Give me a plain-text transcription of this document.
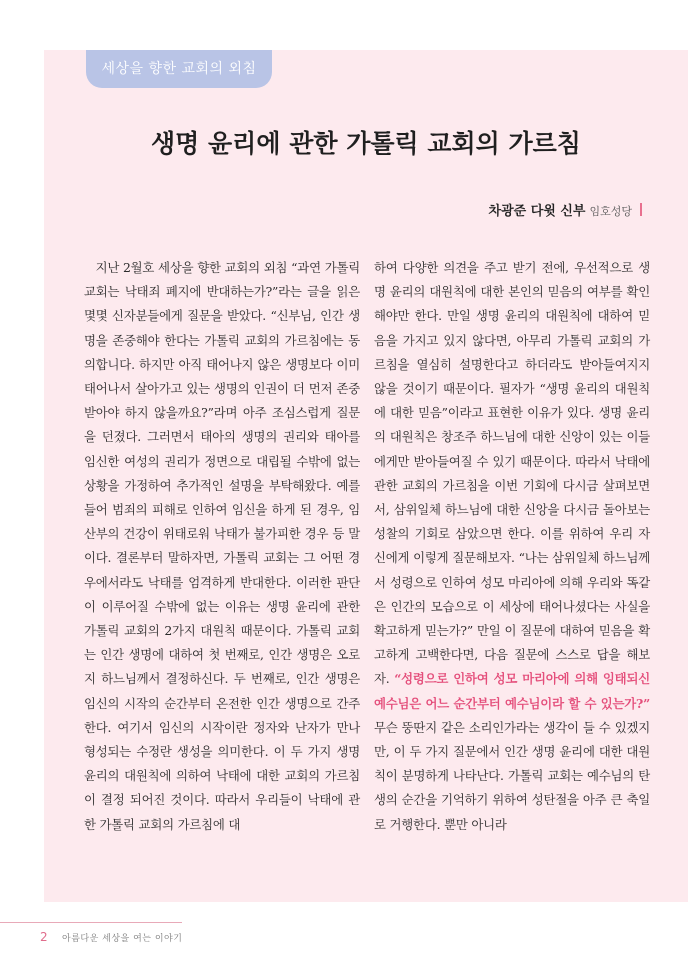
세상을 향한 교회의 외침
생명 윤리에 관한 가톨릭 교회의 가르침
차광준 다윗 신부 임호성당

지난 2월호 세상을 향한 교회의 외침 “과연 가톨릭 교회는 낙태죄 폐지에 반대하는가?”라는 글을 읽은 몇몇 신자분들에게 질문을 받았다. “신부님, 인간 생명을 존중해야 한다는 가톨릭 교회의 가르침에는 동의합니다. 하지만 아직 태어나지 않은 생명보다 이미 태어나서 살아가고 있는 생명의 인권이 더 먼저 존중 받아야 하지 않을까요?”라며 아주 조심스럽게 질문을 던졌다. 그러면서 태아의 생명의 권리와 태아를 임신한 여성의 권리가 정면으로 대립될 수밖에 없는 상황을 가정하여 추가적인 설명을 부탁해왔다. 예를 들어 범죄의 피해로 인하여 임신을 하게 된 경우, 임산부의 건강이 위태로워 낙태가 불가피한 경우 등 말이다. 결론부터 말하자면, 가톨릭 교회는 그 어떤 경우에서라도 낙태를 엄격하게 반대한다. 이러한 판단이 이루어질 수밖에 없는 이유는 생명 윤리에 관한 가톨릭 교회의 2가지 대원칙 때문이다. 가톨릭 교회는 인간 생명에 대하여 첫 번째로, 인간 생명은 오로지 하느님께서 결정하신다. 두 번째로, 인간 생명은 임신의 시작의 순간부터 온전한 인간 생명으로 간주한다. 여기서 임신의 시작이란 정자와 난자가 만나 형성되는 수정란 생성을 의미한다. 이 두 가지 생명 윤리의 대원칙에 의하여 낙태에 대한 교회의 가르침이 결정 되어진 것이다. 따라서 우리들이 낙태에 관한 가톨릭 교회의 가르침에 대

하여 다양한 의견을 주고 받기 전에, 우선적으로 생명 윤리의 대원칙에 대한 본인의 믿음의 여부를 확인해야만 한다. 만일 생명 윤리의 대원칙에 대하여 믿음을 가지고 있지 않다면, 아무리 가톨릭 교회의 가르침을 열심히 설명한다고 하더라도 받아들여지지 않을 것이기 때문이다. 필자가 “생명 윤리의 대원칙에 대한 믿음”이라고 표현한 이유가 있다. 생명 윤리의 대원칙은 창조주 하느님에 대한 신앙이 있는 이들에게만 받아들여질 수 있기 때문이다. 따라서 낙태에 관한 교회의 가르침을 이번 기회에 다시금 살펴보면서, 삼위일체 하느님에 대한 신앙을 다시금 돌아보는 성찰의 기회로 삼았으면 한다. 이를 위하여 우리 자신에게 이렇게 질문해보자. “나는 삼위일체 하느님께서 성령으로 인하여 성모 마리아에 의해 우리와 똑같은 인간의 모습으로 이 세상에 태어나셨다는 사실을 확고하게 믿는가?” 만일 이 질문에 대하여 믿음을 확고하게 고백한다면, 다음 질문에 스스로 답을 해보자. “성령으로 인하여 성모 마리아에 의해 잉태되신 예수님은 어느 순간부터 예수님이라 할 수 있는가?” 무슨 뚱딴지 같은 소리인가라는 생각이 들 수 있겠지만, 이 두 가지 질문에서 인간 생명 윤리에 대한 대원칙이 분명하게 나타난다. 가톨릭 교회는 예수님의 탄생의 순간을 기억하기 위하여 성탄절을 아주 큰 축일로 거행한다. 뿐만 아니라

2 아름다운 세상을 여는 이야기
